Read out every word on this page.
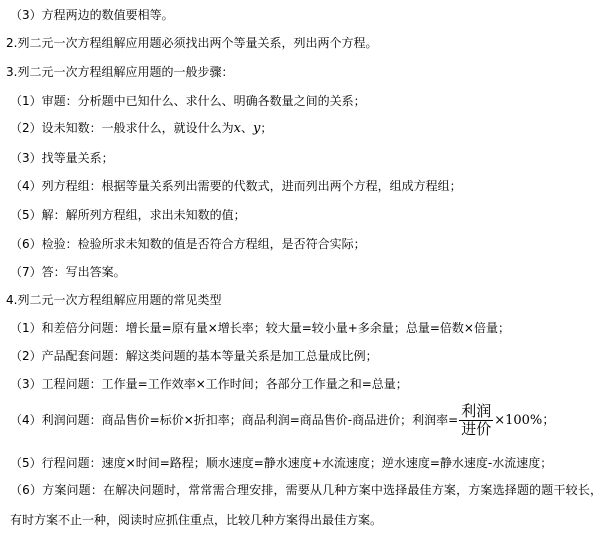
（3）方程两边的数值要相等。
2.列二元一次方程组解应用题必须找出两个等量关系，列出两个方程。
3.列二元一次方程组解应用题的一般步骤：
（1）审题：分析题中已知什么、求什么、明确各数量之间的关系；
（2）设未知数：一般求什么，就设什么为x、y；
（3）找等量关系；
（4）列方程组：根据等量关系列出需要的代数式，进而列出两个方程，组成方程组；
（5）解：解所列方程组，求出未知数的值；
（6）检验：检验所求未知数的值是否符合方程组，是否符合实际；
（7）答：写出答案。
4.列二元一次方程组解应用题的常见类型
（1）和差倍分问题：增长量=原有量×增长率；较大量=较小量+多余量；总量=倍数×倍量；
（2）产品配套问题：解这类问题的基本等量关系是加工总量成比例；
（3）工程问题：工作量=工作效率×工作时间；各部分工作量之和=总量；
（4）利润问题：商品售价=标价×折扣率；商品利润=商品售价-商品进价；利润率= $\frac{\text{利润}}{\text{进价}} \times 100\%$；
（5）行程问题：速度×时间=路程；顺水速度=静水速度+水流速度；逆水速度=静水速度-水流速度；
（6）方案问题：在解决问题时，常常需合理安排，需要从几种方案中选择最佳方案，方案选择题的题干较长，有时方案不止一种，阅读时应抓住重点，比较几种方案得出最佳方案。
